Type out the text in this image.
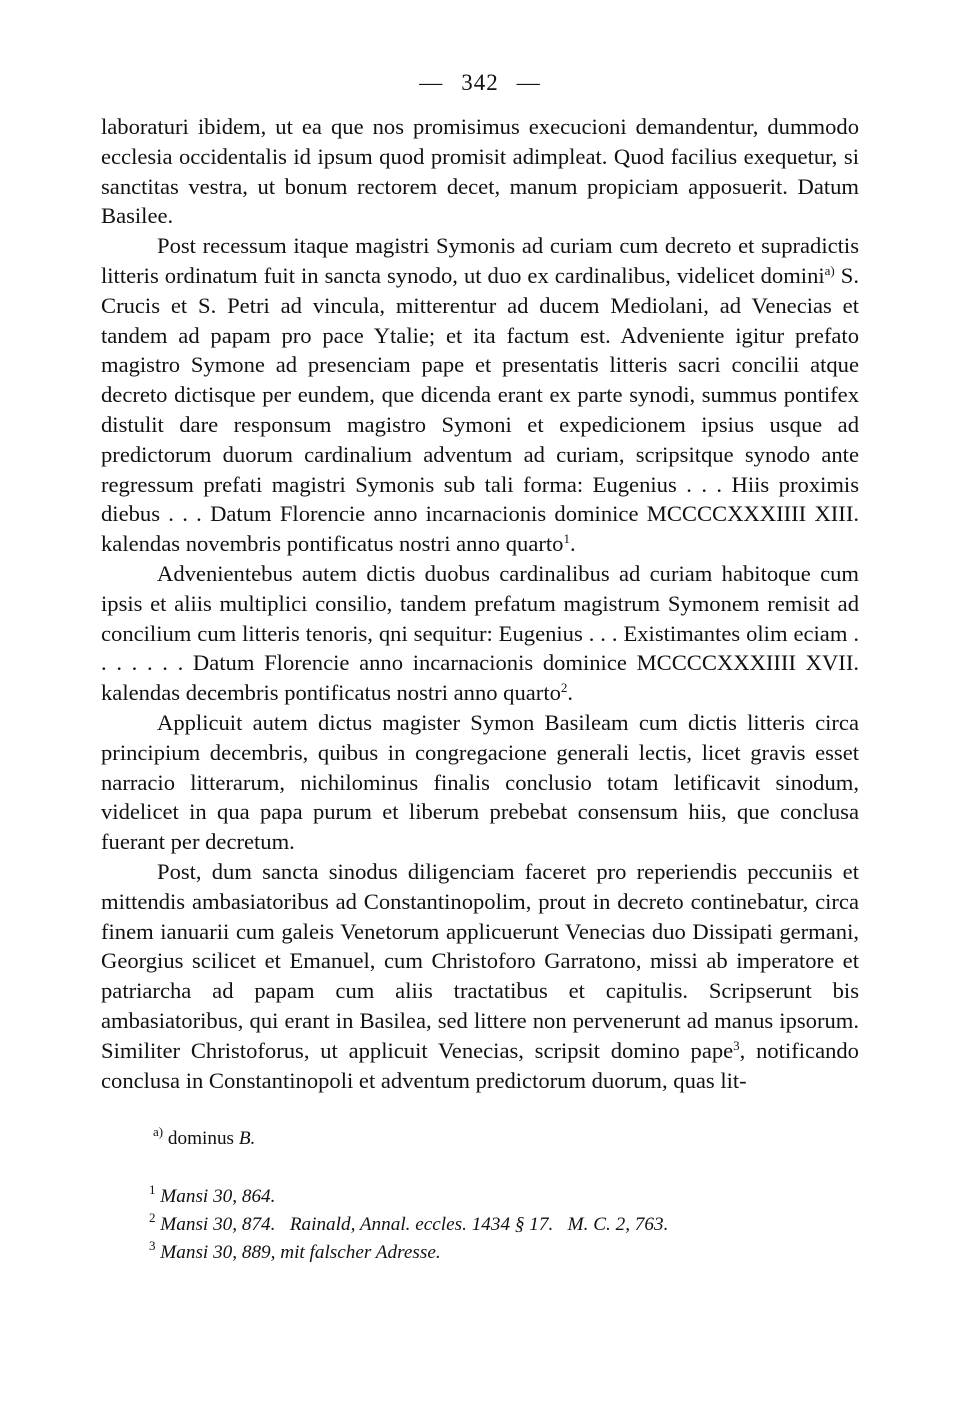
— 342 —

laboraturi ibidem, ut ea que nos promisimus execucioni demandentur, dummodo ecclesia occidentalis id ipsum quod promisit adimpleat. Quod facilius exequetur, si sanctitas vestra, ut bonum rectorem decet, manum propiciam apposuerit. Datum Basilee.

Post recessum itaque magistri Symonis ad curiam cum decreto et supradictis litteris ordinatum fuit in sancta synodo, ut duo ex cardinalibus, videlicet domini$^{a)}$ S. Crucis et S. Petri ad vincula, mitterentur ad ducem Mediolani, ad Venecias et tandem ad papam pro pace Ytalie; et ita factum est. Adveniente igitur prefato magistro Symone ad presenciam pape et presentatis litteris sacri concilii atque decreto dictisque per eundem, que dicenda erant ex parte synodi, summus pontifex distulit dare responsum magistro Symoni et expedicionem ipsius usque ad predictorum duorum cardinalium adventum ad curiam, scripsitque synodo ante regressum prefati magistri Symonis sub tali forma: Eugenius . . . Hiis proximis diebus . . . Datum Florencie anno incarnacionis dominice MCCCCXXXIIII XIII. kalendas novembris pontificatus nostri anno quarto$^1$.

Advenientebus autem dictis duobus cardinalibus ad curiam habitoque cum ipsis et aliis multiplici consilio, tandem prefatum magistrum Symonem remisit ad concilium cum litteris tenoris, qni sequitur: Eugenius . . . Existimantes olim eciam . . . . . . . Datum Florencie anno incarnacionis dominice MCCCCXXXIIII XVII. kalendas decembris pontificatus nostri anno quarto$^2$.

Applicuit autem dictus magister Symon Basileam cum dictis litteris circa principium decembris, quibus in congregacione generali lectis, licet gravis esset narracio litterarum, nichilominus finalis conclusio totam letificavit sinodum, videlicet in qua papa purum et liberum prebebat consensum hiis, que conclusa fuerant per decretum.

Post, dum sancta sinodus diligenciam faceret pro reperiendis peccuniis et mittendis ambasiatoribus ad Constantinopolim, prout in decreto continebatur, circa finem ianuarii cum galeis Venetorum applicuerunt Venecias duo Dissipati germani, Georgius scilicet et Emanuel, cum Christoforo Garratono, missi ab imperatore et patriarcha ad papam cum aliis tractatibus et capitulis. Scripserunt bis ambasiatoribus, qui erant in Basilea, sed littere non pervenerunt ad manus ipsorum. Similiter Christoforus, ut applicuit Venecias, scripsit domino pape$^3$, notificando conclusa in Constantinopoli et adventum predictorum duorum, quas lit-

$^{a)}$ dominus B.
$^1$ Mansi 30, 864.
$^2$ Mansi 30, 874.   Rainald, Annal. eccles. 1434 § 17.   M. C. 2, 763.
$^3$ Mansi 30, 889, mit falscher Adresse.
